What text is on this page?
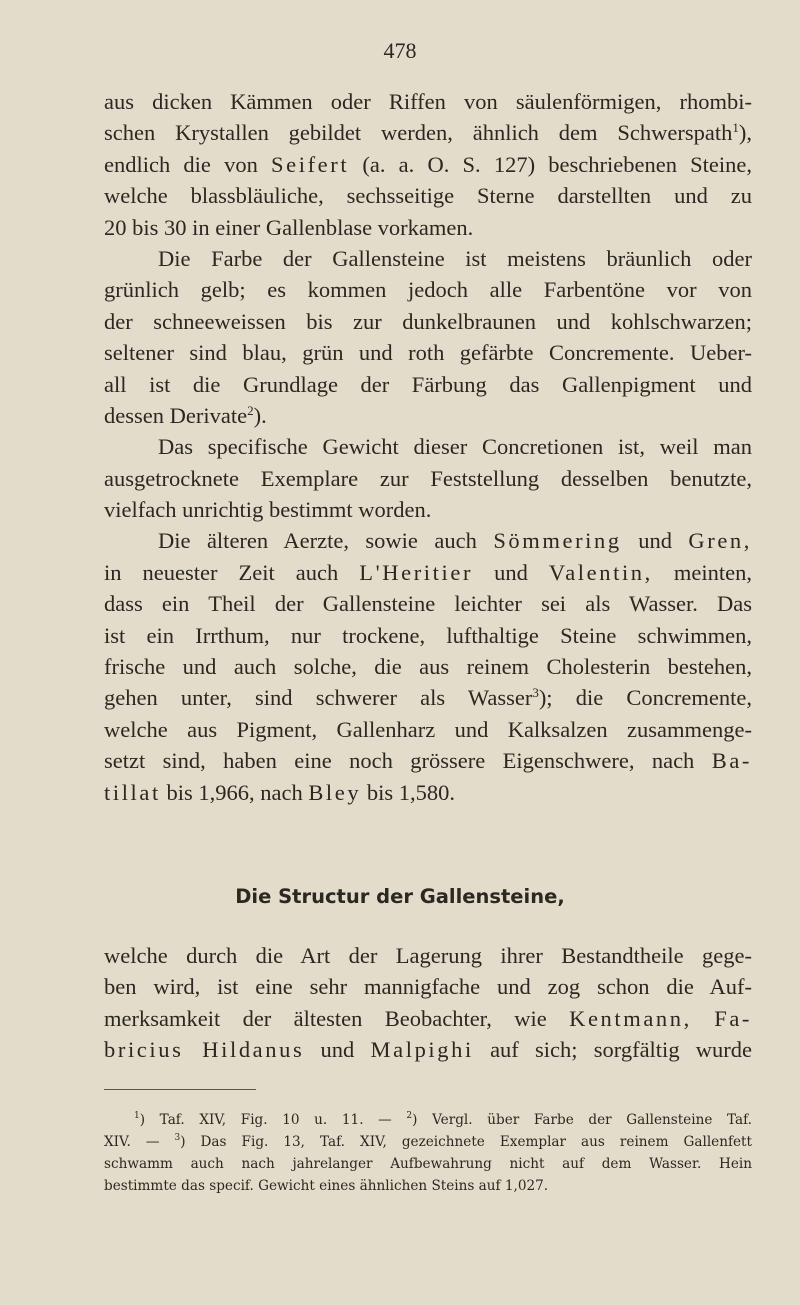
478
aus dicken Kämmen oder Riffen von säulenförmigen, rhombi-
schen Krystallen gebildet werden, ähnlich dem Schwerspath$^1$),
endlich die von Seifert (a. a. O. S. 127) beschriebenen Steine,
welche blassbläuliche, sechsseitige Sterne darstellten und zu
20 bis 30 in einer Gallenblase vorkamen.
Die Farbe der Gallensteine ist meistens bräunlich oder
grünlich gelb; es kommen jedoch alle Farbentöne vor von
der schneeweissen bis zur dunkelbraunen und kohlschwarzen;
seltener sind blau, grün und roth gefärbte Concremente. Ueber-
all ist die Grundlage der Färbung das Gallenpigment und
dessen Derivate$^2$).
Das specifische Gewicht dieser Concretionen ist, weil man
ausgetrocknete Exemplare zur Feststellung desselben benutzte,
vielfach unrichtig bestimmt worden.
Die älteren Aerzte, sowie auch Sömmering und Gren,
in neuester Zeit auch L'Heritier und Valentin, meinten,
dass ein Theil der Gallensteine leichter sei als Wasser. Das
ist ein Irrthum, nur trockene, lufthaltige Steine schwimmen,
frische und auch solche, die aus reinem Cholesterin bestehen,
gehen unter, sind schwerer als Wasser$^3$); die Concremente,
welche aus Pigment, Gallenharz und Kalksalzen zusammenge-
setzt sind, haben eine noch grössere Eigenschwere, nach Ba-
tillat bis 1,966, nach Bley bis 1,580.
Die Structur der Gallensteine,
welche durch die Art der Lagerung ihrer Bestandtheile gege-
ben wird, ist eine sehr mannigfache und zog schon die Auf-
merksamkeit der ältesten Beobachter, wie Kentmann, Fa-
bricius Hildanus und Malpighi auf sich; sorgfältig wurde
$^1$) Taf. XIV, Fig. 10 u. 11. — $^2$) Vergl. über Farbe der Gallensteine Taf.
XIV. — $^3$) Das Fig. 13, Taf. XIV, gezeichnete Exemplar aus reinem Gallenfett
schwamm auch nach jahrelanger Aufbewahrung nicht auf dem Wasser. Hein
bestimmte das specif. Gewicht eines ähnlichen Steins auf 1,027.
